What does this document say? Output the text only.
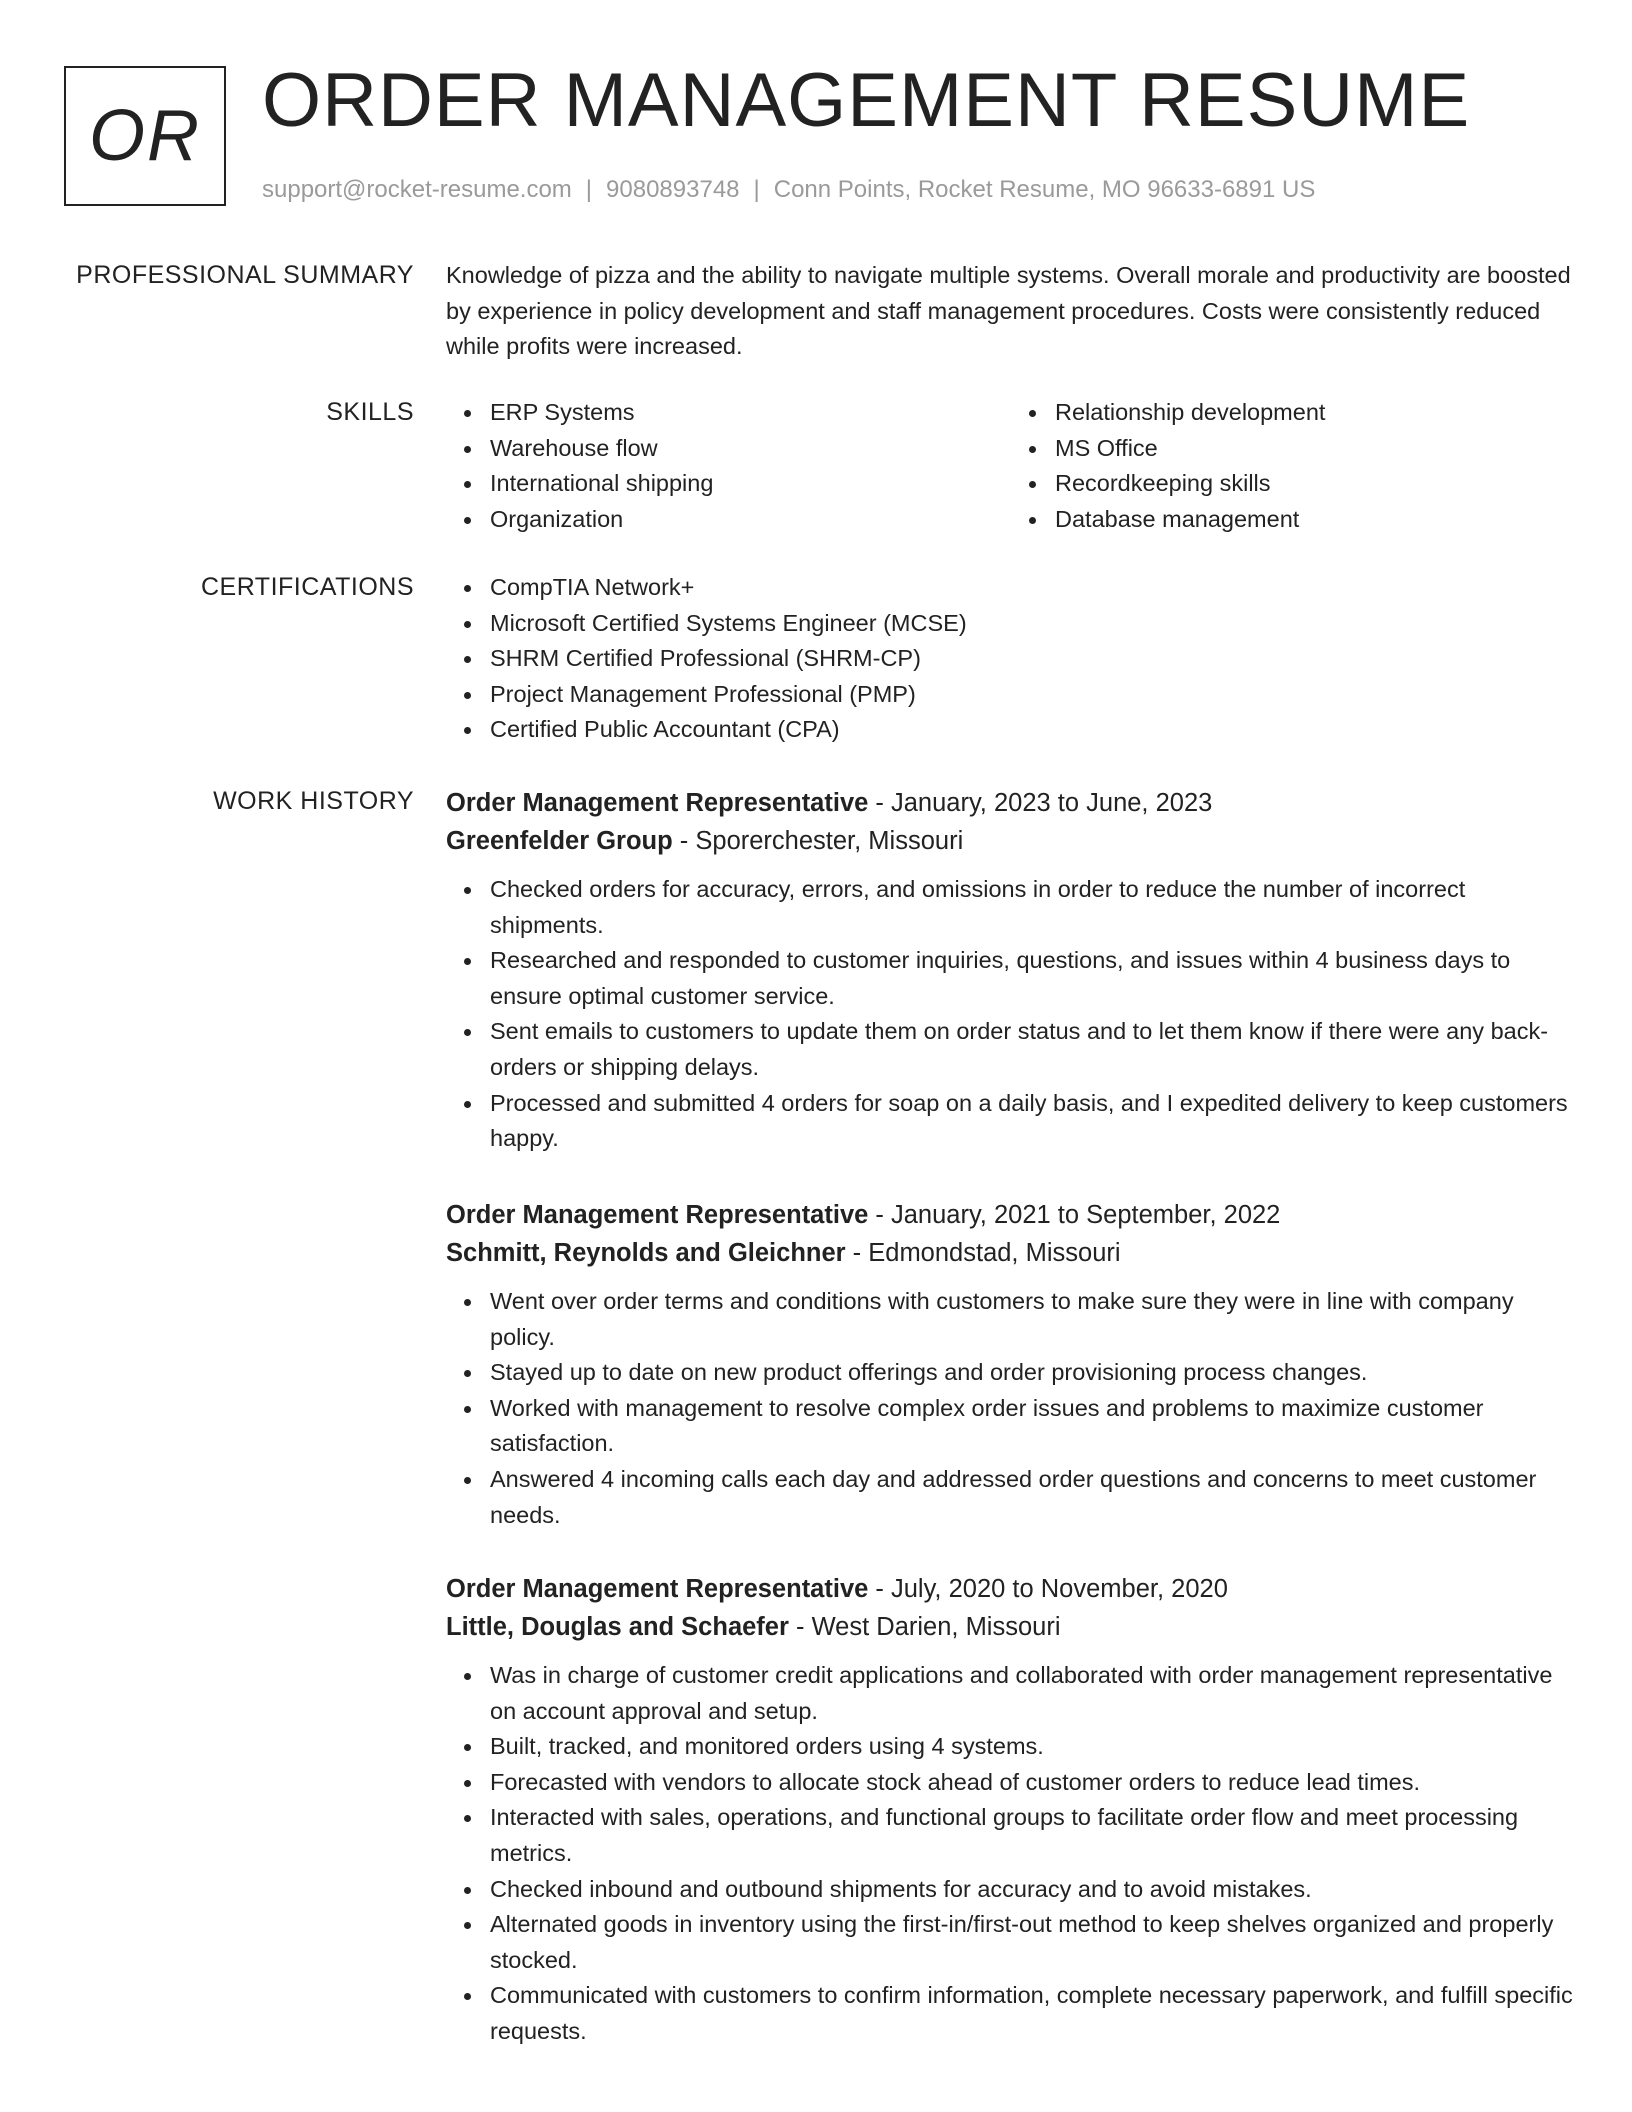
OR ORDER MANAGEMENT RESUME
support@rocket-resume.com | 9080893748 | Conn Points, Rocket Resume, MO 96633-6891 US
PROFESSIONAL SUMMARY Knowledge of pizza and the ability to navigate multiple systems. Overall morale and productivity are boosted by experience in policy development and staff management procedures. Costs were consistently reduced while profits were increased.

SKILLS	ERP Systems
Warehouse flow
International shipping
Organization
Relationship development
MS Office
Recordkeeping skills
Database management
CERTIFICATIONS	CompTIA Network+
Microsoft Certified Systems Engineer (MCSE)
SHRM Certified Professional (SHRM-CP)
Project Management Professional (PMP)
Certified Public Accountant (CPA)
WORK HISTORY Order Management Representative - January, 2023 to June, 2023
Greenfelder Group - Sporerchester, Missouri
Checked orders for accuracy, errors, and omissions in order to reduce the number of incorrect shipments.
Researched and responded to customer inquiries, questions, and issues within 4 business days to ensure optimal customer service.
Sent emails to customers to update them on order status and to let them know if there were any back-orders or shipping delays.
Processed and submitted 4 orders for soap on a daily basis, and I expedited delivery to keep customers happy.
Order Management Representative - January, 2021 to September, 2022
Schmitt, Reynolds and Gleichner - Edmondstad, Missouri
Went over order terms and conditions with customers to make sure they were in line with company policy.
Stayed up to date on new product offerings and order provisioning process changes.
Worked with management to resolve complex order issues and problems to maximize customer satisfaction.
Answered 4 incoming calls each day and addressed order questions and concerns to meet customer needs.
Order Management Representative - July, 2020 to November, 2020
Little, Douglas and Schaefer - West Darien, Missouri
Was in charge of customer credit applications and collaborated with order management representative on account approval and setup.
Built, tracked, and monitored orders using 4 systems.
Forecasted with vendors to allocate stock ahead of customer orders to reduce lead times.
Interacted with sales, operations, and functional groups to facilitate order flow and meet processing metrics.
Checked inbound and outbound shipments for accuracy and to avoid mistakes.
Alternated goods in inventory using the first-in/first-out method to keep shelves organized and properly stocked.
Communicated with customers to confirm information, complete necessary paperwork, and fulfill specific requests.
